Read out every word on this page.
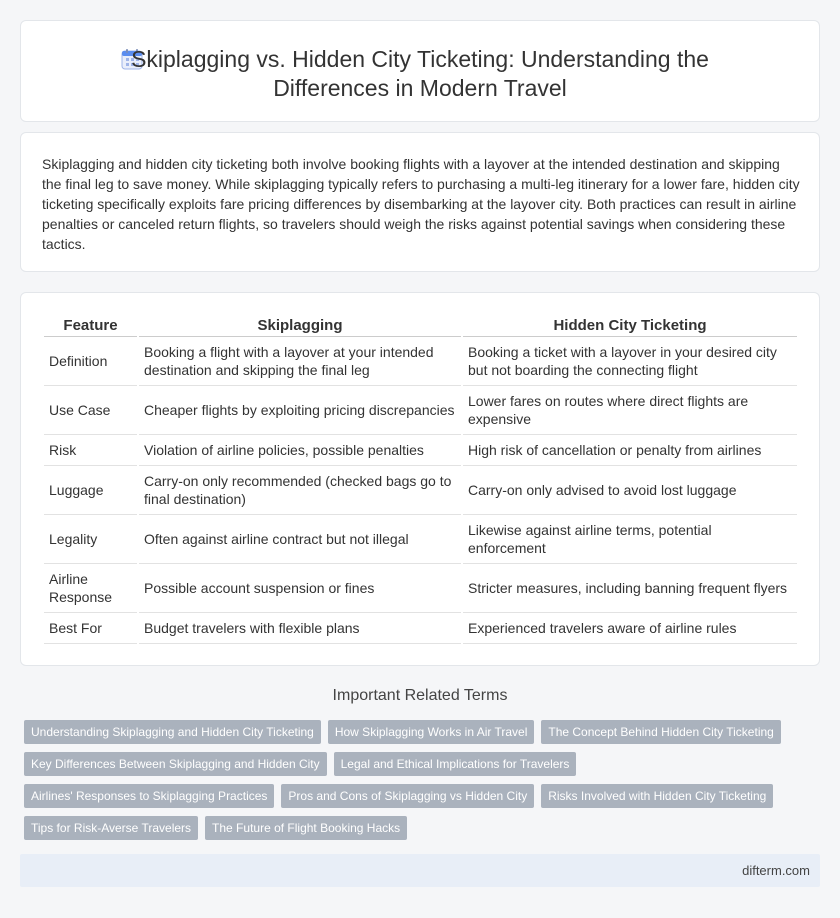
Skiplagging vs. Hidden City Ticketing: Understanding the Differences in Modern Travel

Skiplagging and hidden city ticketing both involve booking flights with a layover at the intended destination and skipping the final leg to save money. While skiplagging typically refers to purchasing a multi-leg itinerary for a lower fare, hidden city ticketing specifically exploits fare pricing differences by disembarking at the layover city. Both practices can result in airline penalties or canceled return flights, so travelers should weigh the risks against potential savings when considering these tactics.

Feature	Skiplagging	Hidden City Ticketing
Definition	Booking a flight with a layover at your intended destination and skipping the final leg	Booking a ticket with a layover in your desired city but not boarding the connecting flight
Use Case	Cheaper flights by exploiting pricing discrepancies	Lower fares on routes where direct flights are expensive
Risk	Violation of airline policies, possible penalties	High risk of cancellation or penalty from airlines
Luggage	Carry-on only recommended (checked bags go to final destination)	Carry-on only advised to avoid lost luggage
Legality	Often against airline contract but not illegal	Likewise against airline terms, potential enforcement
Airline Response	Possible account suspension or fines	Stricter measures, including banning frequent flyers
Best For	Budget travelers with flexible plans	Experienced travelers aware of airline rules
Important Related Terms
Understanding Skiplagging and Hidden City Ticketing	How Skiplagging Works in Air Travel	The Concept Behind Hidden City Ticketing
Key Differences Between Skiplagging and Hidden City	Legal and Ethical Implications for Travelers
Airlines' Responses to Skiplagging Practices	Pros and Cons of Skiplagging vs Hidden City	Risks Involved with Hidden City Ticketing
Tips for Risk-Averse Travelers	The Future of Flight Booking Hacks
difterm.com
